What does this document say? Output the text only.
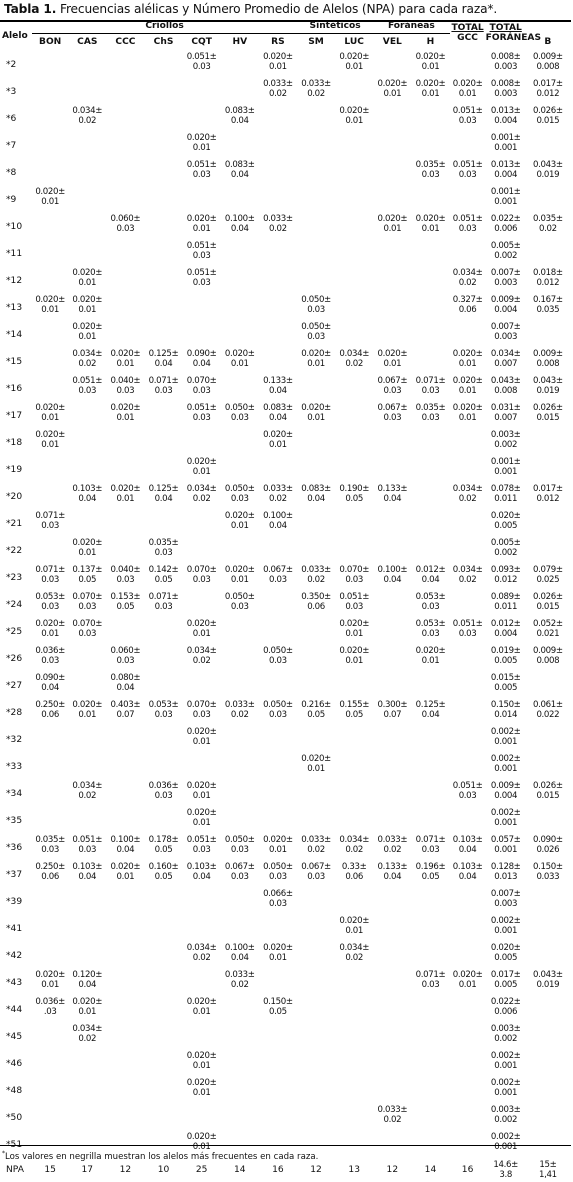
Tabla 1. Frecuencias alélicas y Número Promedio de Alelos (NPA) para cada raza*.
Alelo	Criollos							Sintéticos		Foráneas		TOTAL
GCC	TOTAL
FORÁNEAS	
	BON	CAS	CCC	ChS	CQT	HV	RS	SM	LUC	VEL	H			B
*2					0.051±
0.03		0.020±
0.01		0.020±
0.01		0.020±
0.01		0.008±
0.003	0.009±
0.008
*3							0.033±
0.02	0.033±
0.02		0.020±
0.01	0.020±
0.01	0.020±
0.01	0.008±
0.003	0.017±
0.012
*6		0.034±
0.02				0.083±
0.04			0.020±
0.01			0.051±
0.03	0.013±
0.004	0.026±
0.015
*7					0.020±
0.01								0.001±
0.001	
*8					0.051±
0.03	0.083±
0.04					0.035±
0.03	0.051±
0.03	0.013±
0.004	0.043±
0.019
*9	0.020±
0.01												0.001±
0.001	
*10			0.060±
0.03		0.020±
0.01	0.100±
0.04	0.033±
0.02			0.020±
0.01	0.020±
0.01	0.051±
0.03	0.022±
0.006	0.035±
0.02
*11					0.051±
0.03								0.005±
0.002	
*12		0.020±
0.01			0.051±
0.03							0.034±
0.02	0.007±
0.003	0.018±
0.012
*13	0.020±
0.01	0.020±
0.01						0.050±
0.03				0.327±
0.06	0.009±
0.004	0.167±
0.035
*14		0.020±
0.01						0.050±
0.03					0.007±
0.003	
*15		0.034±
0.02	0.020±
0.01	0.125±
0.04	0.090±
0.04	0.020±
0.01		0.020±
0.01	0.034±
0.02	0.020±
0.01		0.020±
0.01	0.034±
0.007	0.009±
0.008
*16		0.051±
0.03	0.040±
0.03	0.071±
0.03	0.070±
0.03		0.133±
0.04			0.067±
0.03	0.071±
0.03	0.020±
0.01	0.043±
0.008	0.043±
0.019
*17	0.020±
0.01		0.020±
0.01		0.051±
0.03	0.050±
0.03	0.083±
0.04	0.020±
0.01		0.067±
0.03	0.035±
0.03	0.020±
0.01	0.031±
0.007	0.026±
0.015
*18	0.020±
0.01						0.020±
0.01						0.003±
0.002	
*19					0.020±
0.01								0.001±
0.001	
*20		0.103±
0.04	0.020±
0.01	0.125±
0.04	0.034±
0.02	0.050±
0.03	0.033±
0.02	0.083±
0.04	0.190±
0.05	0.133±
0.04		0.034±
0.02	0.078±
0.011	0.017±
0.012
*21	0.071±
0.03					0.020±
0.01	0.100±
0.04						0.020±
0.005	
*22		0.020±
0.01		0.035±
0.03									0.005±
0.002	
*23	0.071±
0.03	0.137±
0.05	0.040±
0.03	0.142±
0.05	0.070±
0.03	0.020±
0.01	0.067±
0.03	0.033±
0.02	0.070±
0.03	0.100±
0.04	0.012±
0.04	0.034±
0.02	0.093±
0.012	0.079±
0.025
*24	0.053±
0.03	0.070±
0.03	0.153±
0.05	0.071±
0.03		0.050±
0.03		0.350±
0.06	0.051±
0.03		0.053±
0.03		0.089±
0.011	0.026±
0.015
*25	0.020±
0.01	0.070±
0.03			0.020±
0.01				0.020±
0.01		0.053±
0.03	0.051±
0.03	0.012±
0.004	0.052±
0.021
*26	0.036±
0.03		0.060±
0.03		0.034±
0.02		0.050±
0.03		0.020±
0.01		0.020±
0.01		0.019±
0.005	0.009±
0.008
*27	0.090±
0.04		0.080±
0.04										0.015±
0.005	
*28	0.250±
0.06	0.020±
0.01	0.403±
0.07	0.053±
0.03	0.070±
0.03	0.033±
0.02	0.050±
0.03	0.216±
0.05	0.155±
0.05	0.300±
0.07	0.125±
0.04		0.150±
0.014	0.061±
0.022
*32					0.020±
0.01								0.002±
0.001	
*33								0.020±
0.01					0.002±
0.001	
*34		0.034±
0.02		0.036±
0.03	0.020±
0.01							0.051±
0.03	0.009±
0.004	0.026±
0.015
*35					0.020±
0.01								0.002±
0.001	
*36	0.035±
0.03	0.051±
0.03	0.100±
0.04	0.178±
0.05	0.051±
0.03	0.050±
0.03	0.020±
0.01	0.033±
0.02	0.034±
0.02	0.033±
0.02	0.071±
0.03	0.103±
0.04	0.057±
0.001	0.090±
0.026
*37	0.250±
0.06	0.103±
0.04	0.020±
0.01	0.160±
0.05	0.103±
0.04	0.067±
0.03	0.050±
0.03	0.067±
0.03	0.33±
0.06	0.133±
0.04	0.196±
0.05	0.103±
0.04	0.128±
0.013	0.150±
0.033
*39							0.066±
0.03						0.007±
0.003	
*41									0.020±
0.01				0.002±
0.001	
*42					0.034±
0.02	0.100±
0.04	0.020±
0.01		0.034±
0.02				0.020±
0.005	
*43	0.020±
0.01	0.120±
0.04				0.033±
0.02					0.071±
0.03	0.020±
0.01	0.017±
0.005	0.043±
0.019
*44	0.036±
.03	0.020±
0.01			0.020±
0.01		0.150±
0.05						0.022±
0.006	
*45		0.034±
0.02											0.003±
0.002	
*46					0.020±
0.01								0.002±
0.001	
*48					0.020±
0.01								0.002±
0.001	
*50										0.033±
0.02			0.003±
0.002	
*51					0.020±
0.01								0.002±
0.001	
NPA	15	17	12	10	25	14	16	12	13	12	14	16	14.6±
3.8	15±
1,41
*Los valores en negrilla muestran los alelos más frecuentes en cada raza.
